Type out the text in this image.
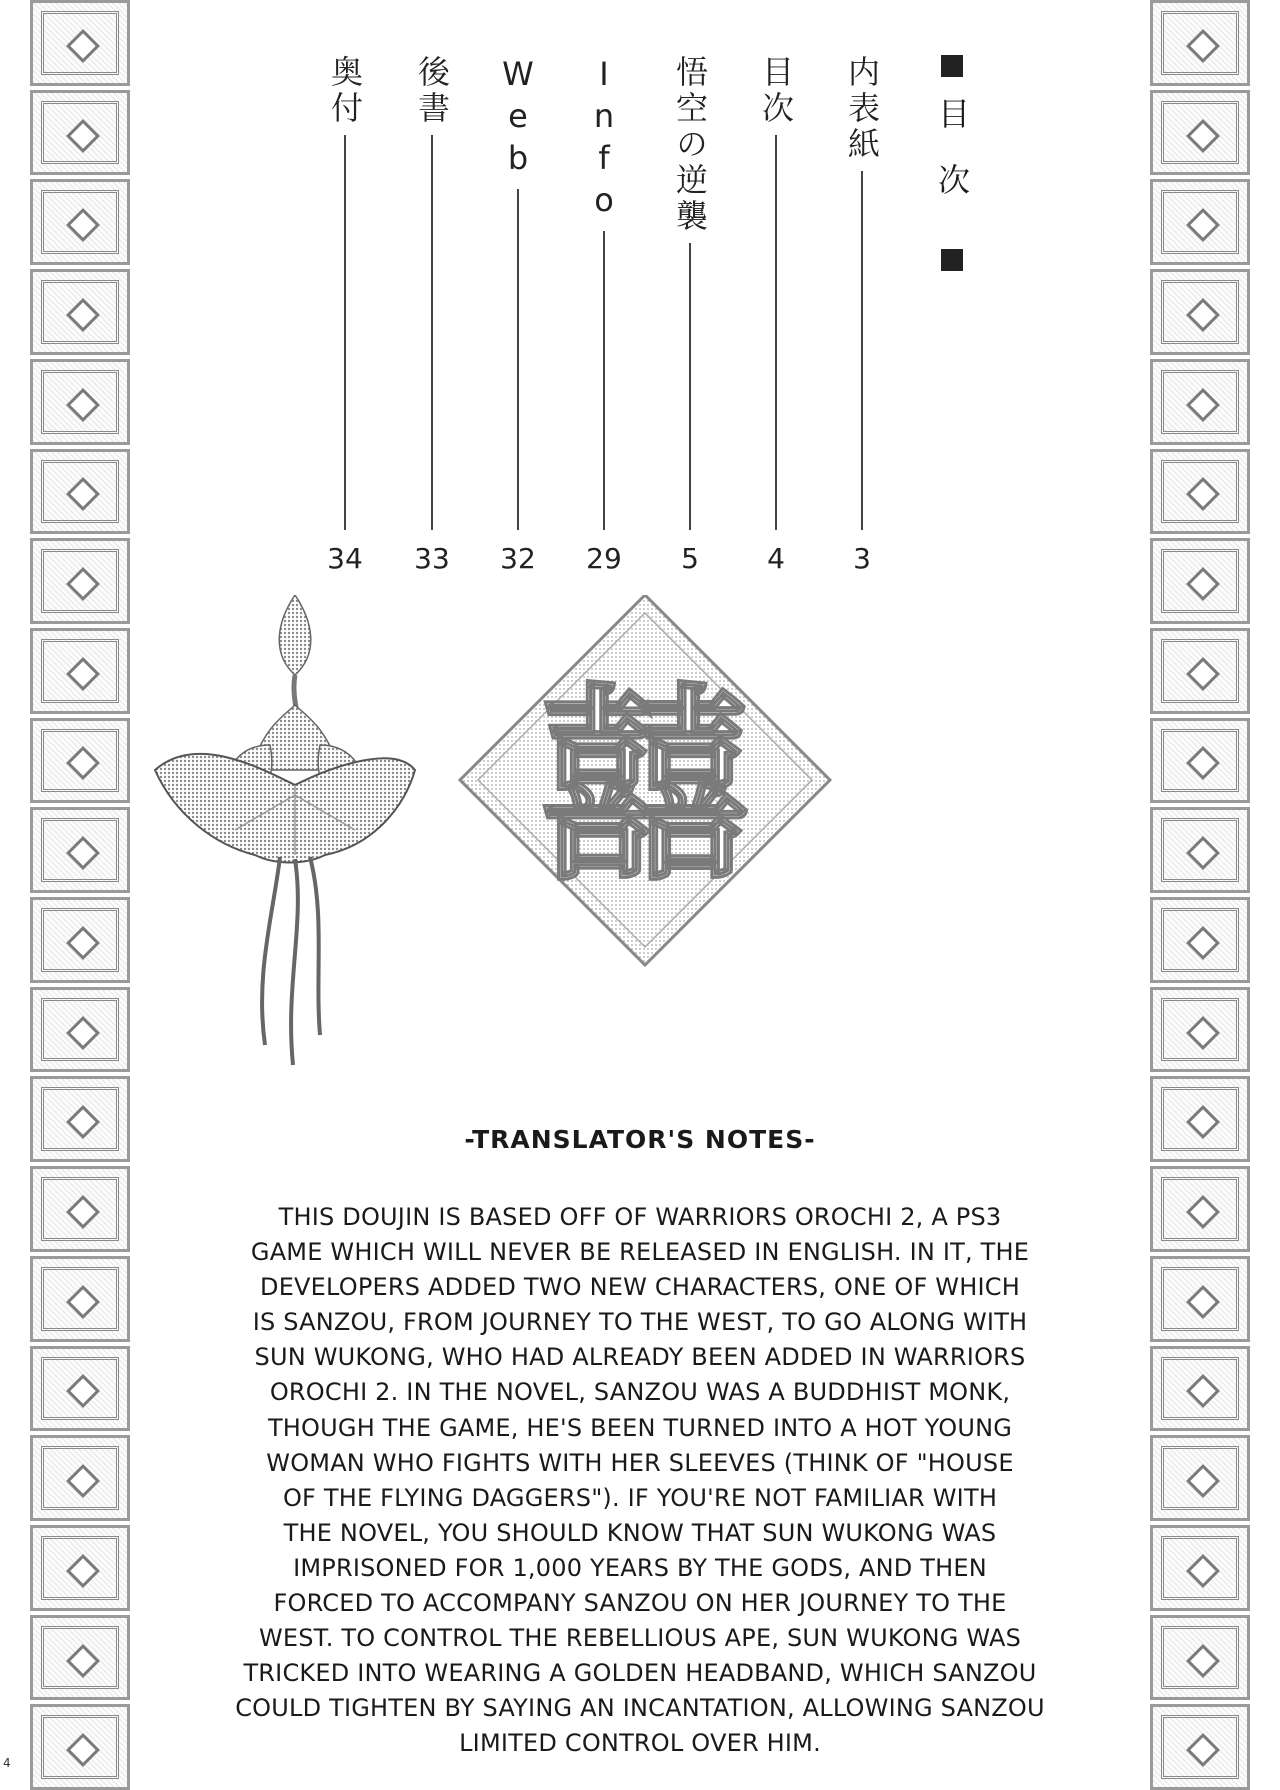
目次
内表紙
目次
悟空の逆襲
Info
Web
後書
奥付
3
4
5
29
32
33
34
囍
-TRANSLATOR'S NOTES-
THIS DOUJIN IS BASED OFF OF WARRIORS OROCHI 2, A PS3
GAME WHICH WILL NEVER BE RELEASED IN ENGLISH. IN IT, THE
DEVELOPERS ADDED TWO NEW CHARACTERS, ONE OF WHICH
IS SANZOU, FROM JOURNEY TO THE WEST, TO GO ALONG WITH
SUN WUKONG, WHO HAD ALREADY BEEN ADDED IN WARRIORS
OROCHI 2. IN THE NOVEL, SANZOU WAS A BUDDHIST MONK,
THOUGH THE GAME, HE'S BEEN TURNED INTO A HOT YOUNG
WOMAN WHO FIGHTS WITH HER SLEEVES (THINK OF "HOUSE
OF THE FLYING DAGGERS"). IF YOU'RE NOT FAMILIAR WITH
THE NOVEL, YOU SHOULD KNOW THAT SUN WUKONG WAS
IMPRISONED FOR 1,000 YEARS BY THE GODS, AND THEN
FORCED TO ACCOMPANY SANZOU ON HER JOURNEY TO THE
WEST. TO CONTROL THE REBELLIOUS APE, SUN WUKONG WAS
TRICKED INTO WEARING A GOLDEN HEADBAND, WHICH SANZOU
COULD TIGHTEN BY SAYING AN INCANTATION, ALLOWING SANZOU
LIMITED CONTROL OVER HIM.
4
